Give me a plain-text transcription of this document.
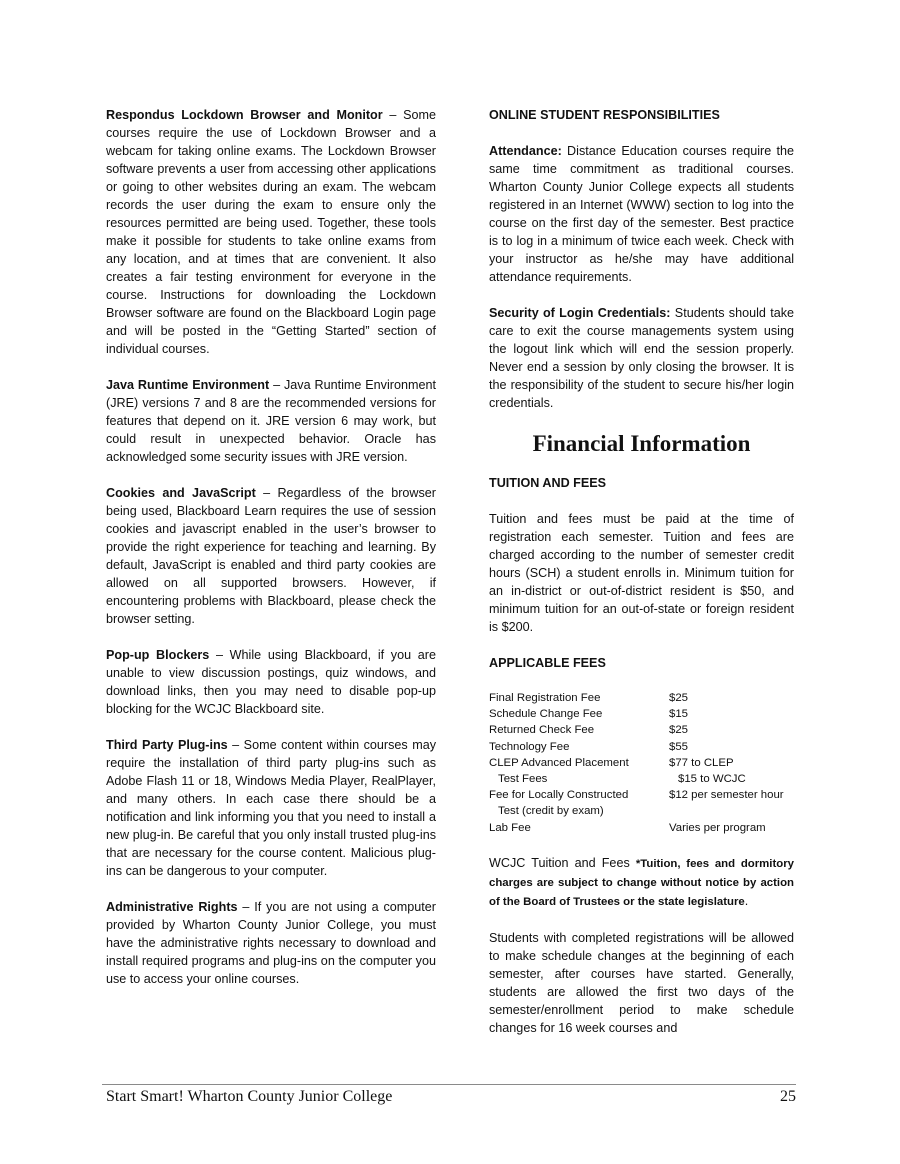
Respondus Lockdown Browser and Monitor – Some courses require the use of Lockdown Browser and a webcam for taking online exams. The Lockdown Browser software prevents a user from accessing other applications or going to other websites during an exam. The webcam records the user during the exam to ensure only the resources permitted are being used. Together, these tools make it possible for students to take online exams from any location, and at times that are convenient. It also creates a fair testing environment for everyone in the course. Instructions for downloading the Lockdown Browser software are found on the Blackboard Login page and will be posted in the “Getting Started” section of individual courses.

Java Runtime Environment – Java Runtime Environment (JRE) versions 7 and 8 are the recommended versions for features that depend on it. JRE version 6 may work, but could result in unexpected behavior. Oracle has acknowledged some security issues with JRE version.

Cookies and JavaScript – Regardless of the browser being used, Blackboard Learn requires the use of session cookies and javascript enabled in the user’s browser to provide the right experience for teaching and learning. By default, JavaScript is enabled and third party cookies are allowed on all supported browsers. However, if encountering problems with Blackboard, please check the browser setting.

Pop-up Blockers – While using Blackboard, if you are unable to view discussion postings, quiz windows, and download links, then you may need to disable pop-up blocking for the WCJC Blackboard site.

Third Party Plug-ins – Some content within courses may require the installation of third party plug-ins such as Adobe Flash 11 or 18, Windows Media Player, RealPlayer, and many others. In each case there should be a notification and link informing you that you need to install a new plug-in. Be careful that you only install trusted plug-ins that are necessary for the course content. Malicious plug-ins can be dangerous to your computer.

Administrative Rights – If you are not using a computer provided by Wharton County Junior College, you must have the administrative rights necessary to download and install required programs and plug-ins on the computer you use to access your online courses.

ONLINE STUDENT RESPONSIBILITIES

Attendance: Distance Education courses require the same time commitment as traditional courses. Wharton County Junior College expects all students registered in an Internet (WWW) section to log into the course on the first day of the semester. Best practice is to log in a minimum of twice each week. Check with your instructor as he/she may have additional attendance requirements.

Security of Login Credentials: Students should take care to exit the course managements system using the logout link which will end the session properly. Never end a session by only closing the browser. It is the responsibility of the student to secure his/her login credentials.

Financial Information
TUITION AND FEES

Tuition and fees must be paid at the time of registration each semester. Tuition and fees are charged according to the number of semester credit hours (SCH) a student enrolls in. Minimum tuition for an in-district or out-of-district resident is $50, and minimum tuition for an out-of-state or foreign resident is $200.

APPLICABLE FEES
Final Registration Fee	$25
Schedule Change Fee	$15
Returned Check Fee	$25
Technology Fee	$55
CLEP Advanced Placement	$77 to CLEP
Test Fees	$15 to WCJC
Fee for Locally Constructed	$12 per semester hour
Test (credit by exam)
Lab Fee	Varies per program

WCJC Tuition and Fees *Tuition, fees and dormitory charges are subject to change without notice by action of the Board of Trustees or the state legislature.

Students with completed registrations will be allowed to make schedule changes at the beginning of each semester, after courses have started. Generally, students are allowed the first two days of the semester/enrollment period to make schedule changes for 16 week courses and

Start Smart! Wharton County Junior College	25
